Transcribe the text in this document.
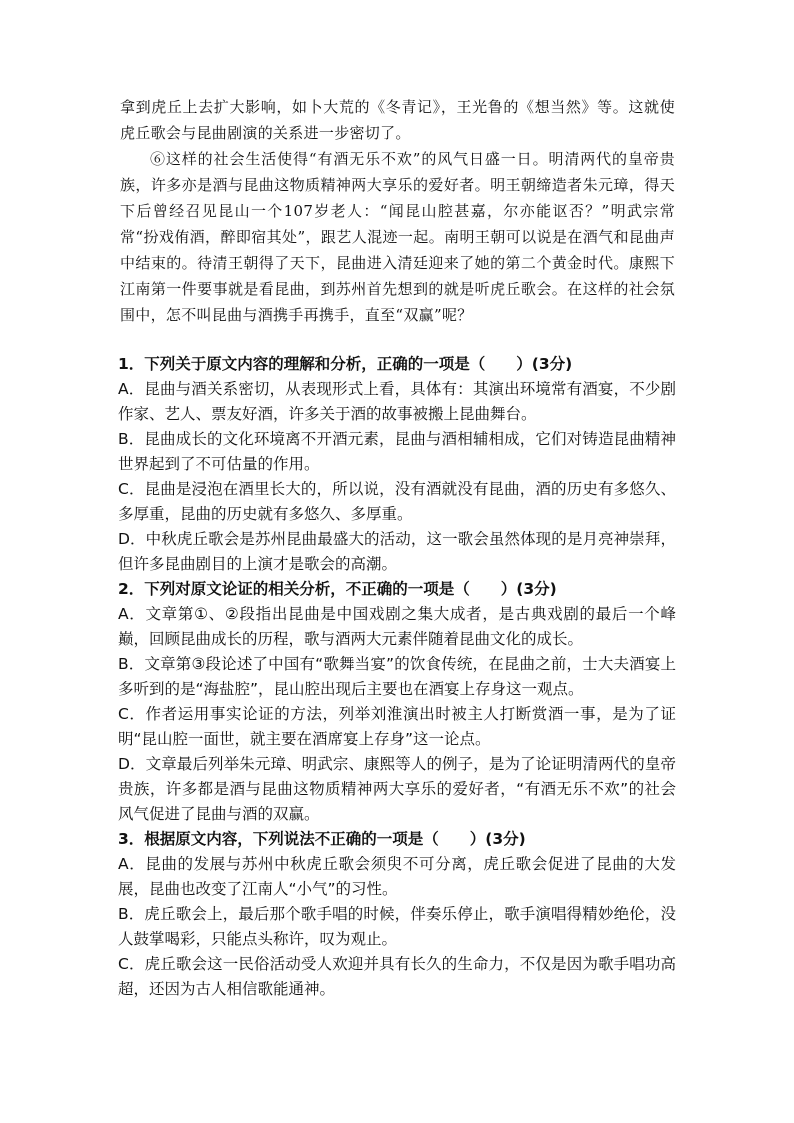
拿到虎丘上去扩大影响，如卜大荒的《冬青记》，王光鲁的《想当然》等。这就使虎丘歌会与昆曲剧演的关系进一步密切了。

⑥这样的社会生活使得“有酒无乐不欢”的风气日盛一日。明清两代的皇帝贵族，许多亦是酒与昆曲这物质精神两大享乐的爱好者。明王朝缔造者朱元璋，得天下后曾经召见昆山一个107岁老人：“闻昆山腔甚嘉，尔亦能讴否？”明武宗常常“扮戏侑酒，醉即宿其处”，跟艺人混迹一起。南明王朝可以说是在酒气和昆曲声中结束的。待清王朝得了天下，昆曲进入清廷迎来了她的第二个黄金时代。康熙下江南第一件要事就是看昆曲，到苏州首先想到的就是听虎丘歌会。在这样的社会氛围中，怎不叫昆曲与酒携手再携手，直至“双赢”呢？

1．下列关于原文内容的理解和分析，正确的一项是（　　）(3分)

A．昆曲与酒关系密切，从表现形式上看，具体有：其演出环境常有酒宴，不少剧作家、艺人、票友好酒，许多关于酒的故事被搬上昆曲舞台。

B．昆曲成长的文化环境离不开酒元素，昆曲与酒相辅相成，它们对铸造昆曲精神世界起到了不可估量的作用。

C．昆曲是浸泡在酒里长大的，所以说，没有酒就没有昆曲，酒的历史有多悠久、多厚重，昆曲的历史就有多悠久、多厚重。

D．中秋虎丘歌会是苏州昆曲最盛大的活动，这一歌会虽然体现的是月亮神崇拜，但许多昆曲剧目的上演才是歌会的高潮。

2．下列对原文论证的相关分析，不正确的一项是（　　）(3分)

A．文章第①、②段指出昆曲是中国戏剧之集大成者，是古典戏剧的最后一个峰巅，回顾昆曲成长的历程，歌与酒两大元素伴随着昆曲文化的成长。

B．文章第③段论述了中国有“歌舞当宴”的饮食传统，在昆曲之前，士大夫酒宴上多听到的是“海盐腔”，昆山腔出现后主要也在酒宴上存身这一观点。

C．作者运用事实论证的方法，列举刘淮演出时被主人打断赏酒一事，是为了证明“昆山腔一面世，就主要在酒席宴上存身”这一论点。

D．文章最后列举朱元璋、明武宗、康熙等人的例子，是为了论证明清两代的皇帝贵族，许多都是酒与昆曲这物质精神两大享乐的爱好者，“有酒无乐不欢”的社会风气促进了昆曲与酒的双赢。

3．根据原文内容，下列说法不正确的一项是（　　）(3分)

A．昆曲的发展与苏州中秋虎丘歌会须臾不可分离，虎丘歌会促进了昆曲的大发展，昆曲也改变了江南人“小气”的习性。

B．虎丘歌会上，最后那个歌手唱的时候，伴奏乐停止，歌手演唱得精妙绝伦，没人鼓掌喝彩，只能点头称许，叹为观止。

C．虎丘歌会这一民俗活动受人欢迎并具有长久的生命力，不仅是因为歌手唱功高超，还因为古人相信歌能通神。
